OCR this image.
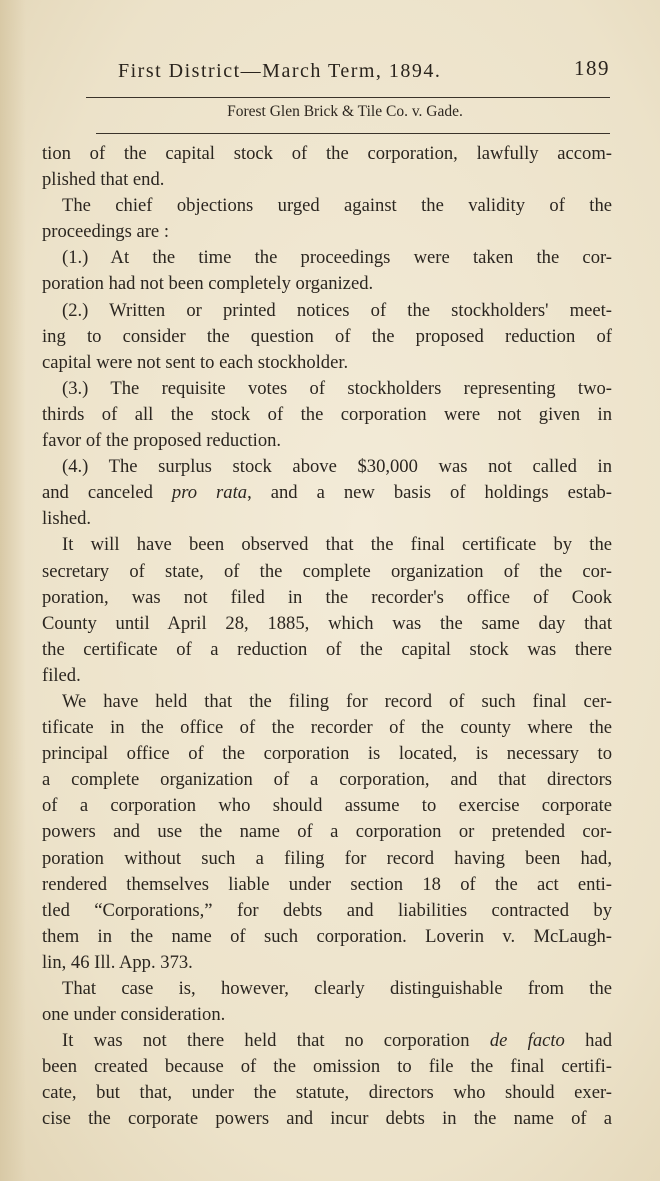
First District—March Term, 1894.	189
Forest Glen Brick & Tile Co. v. Gade.
tion of the capital stock of the corporation, lawfully accom-
plished that end.
The chief objections urged against the validity of the
proceedings are :
(1.) At the time the proceedings were taken the cor-
poration had not been completely organized.
(2.) Written or printed notices of the stockholders' meet-
ing to consider the question of the proposed reduction of
capital were not sent to each stockholder.
(3.) The requisite votes of stockholders representing two-
thirds of all the stock of the corporation were not given in
favor of the proposed reduction.
(4.) The surplus stock above $30,000 was not called in
and canceled pro rata, and a new basis of holdings estab-
lished.
It will have been observed that the final certificate by the
secretary of state, of the complete organization of the cor-
poration, was not filed in the recorder's office of Cook
County until April 28, 1885, which was the same day that
the certificate of a reduction of the capital stock was there
filed.
We have held that the filing for record of such final cer-
tificate in the office of the recorder of the county where the
principal office of the corporation is located, is necessary to
a complete organization of a corporation, and that directors
of a corporation who should assume to exercise corporate
powers and use the name of a corporation or pretended cor-
poration without such a filing for record having been had,
rendered themselves liable under section 18 of the act enti-
tled “Corporations,” for debts and liabilities contracted by
them in the name of such corporation. Loverin v. McLaugh-
lin, 46 Ill. App. 373.
That case is, however, clearly distinguishable from the
one under consideration.
It was not there held that no corporation de facto had
been created because of the omission to file the final certifi-
cate, but that, under the statute, directors who should exer-
cise the corporate powers and incur debts in the name of a
